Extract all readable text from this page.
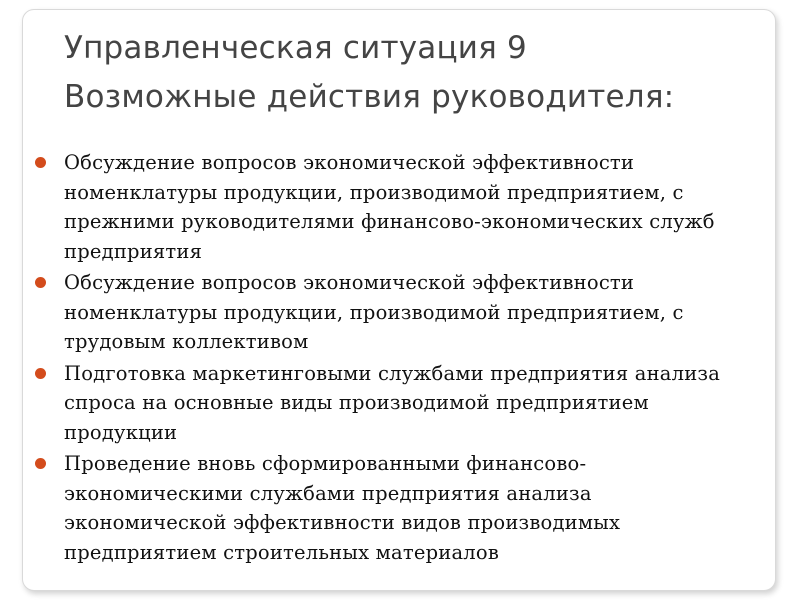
Управленческая ситуация 9
Возможные действия руководителя:
Обсуждение вопросов экономической эффективности
номенклатуры продукции, производимой предприятием, с
прежними руководителями финансово-экономических служб
предприятия
Обсуждение вопросов экономической эффективности
номенклатуры продукции, производимой предприятием, с
трудовым коллективом
Подготовка маркетинговыми службами предприятия анализа
спроса на основные виды производимой предприятием
продукции
Проведение вновь сформированными финансово-
экономическими службами предприятия анализа
экономической эффективности видов производимых
предприятием строительных материалов
